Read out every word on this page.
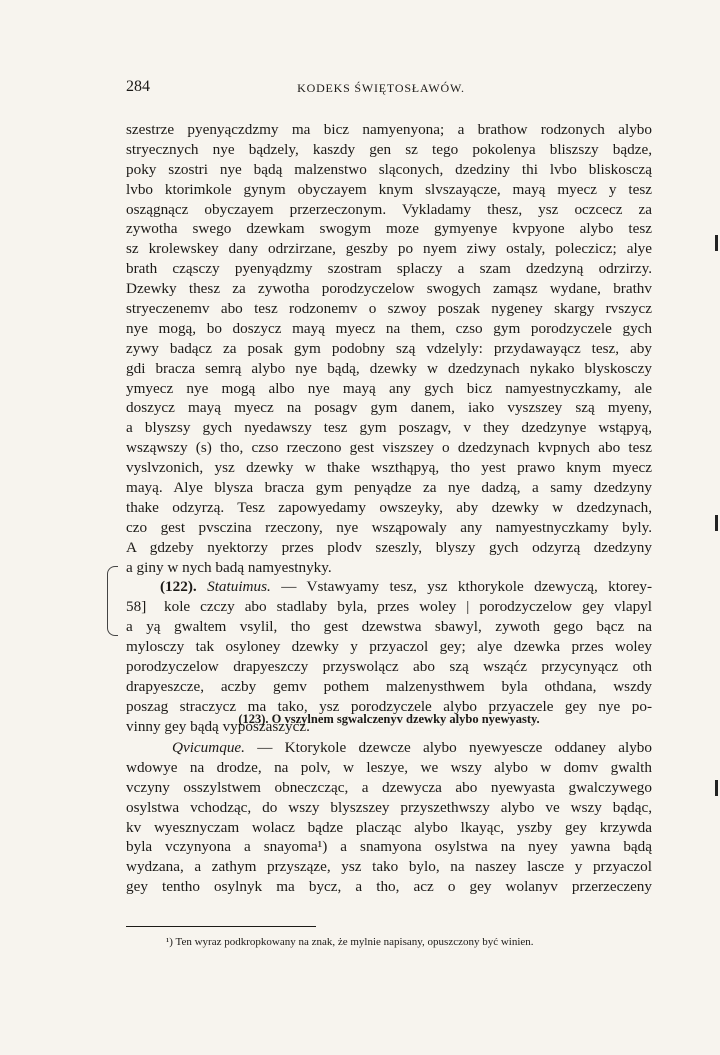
284	KODEKS ŚWIĘTOSŁAWÓW.
szestrze pyenyączdzmy ma bicz namyenyona; a brathow rodzonych alybo
stryecznych nye bądzely, kaszdy gen sz tego pokolenya bliszszy bądze,
poky szostri nye bądą malzenstwo sląconych, dzedziny thi lvbo bliskosczą
lvbo ktorimkole gynym obyczayem knym slvszayącze, mayą myecz y tesz
oszągnącz obyczayem przerzeczonym. Vykladamy thesz, ysz oczcecz za
zywotha swego dzewkam swogym moze gymyenye kvpyone alybo tesz
sz krolewskey dany odrzirzane, geszby po nyem ziwy ostaly, poleczicz; alye
brath cząsczy pyenyądzmy szostram splaczy a szam dzedzyną odrzirzy.
Dzewky thesz za zywotha porodzyczelow swogych zamąsz wydane, brathv
stryeczenemv abo tesz rodzonemv o szwoy poszak nygeney skargy rvszycz
nye mogą, bo doszycz mayą myecz na them, czso gym porodzyczele gych
zywy badącz za posak gym podobny szą vdzelyly: przydawayącz tesz, aby
gdi bracza semrą alybo nye bądą, dzewky w dzedzynach nykako blyskosczy
ymyecz nye mogą albo nye mayą any gych bicz namyestnyczkamy, ale
doszycz mayą myecz na posagv gym danem, iako vyszszey szą myeny,
a blyszsy gych nyedawszy tesz gym poszagv, v they dzedzynye wstąpyą,
wsząwszy (s) tho, czso rzeczono gest viszszey o dzedzynach kvpnych abo tesz
vyslvzonich, ysz dzewky w thake wszthąpyą, tho yest prawo knym myecz
mayą. Alye blysza bracza gym penyądze za nye dadzą, a samy dzedzyny
thake odzyrzą. Tesz zapowyedamy owszeyky, aby dzewky w dzedzynach,
czo gest pvsczina rzeczony, nye wsząpowaly any namyestnyczkamy byly.
A gdzeby nyektorzy przes plodv szeszly, blyszy gych odzyrzą dzedzyny
a giny w nych badą namyestnyky.
(122). Statuimus. — Vstawyamy tesz, ysz kthorykole dzewyczą, ktorey-
58] kole czczy abo stadlaby byla, przes woley | porodzyczelow gey vlapyl
a yą gwaltem vsylil, tho gest dzewstwa sbawyl, zywoth gego bącz na
mylosczy tak osyloney dzewky y przyaczol gey; alye dzewka przes woley
porodzyczelow drapyeszczy przyswolącz abo szą wsząćz przycynyącz oth
drapyeszcze, aczby gemv pothem malzenysthwem byla othdana, wszdy
poszag straczycz ma tako, ysz porodzyczele alybo przyaczele gey nye po-
vinny gey bądą vyposzaszycz.
(123). O vszylnem sgwalczenyv dzewky alybo nyewyasty.
Qvicumque. — Ktorykole dzewcze alybo nyewyescze oddaney alybo
wdowye na drodze, na polv, w leszye, we wszy alybo w domv gwalth
vczyny osszylstwem obneczcząc, a dzewycza abo nyewyasta gwalczywego
osylstwa vchodząc, do wszy blyszszey przyszethwszy alybo ve wszy bądąc,
kv wyesznyczam wolacz bądze placząc alybo lkayąc, yszby gey krzywda
byla vczynyona a snayoma¹) a snamyona osylstwa na nyey yawna bądą
wydzana, a zathym przysząze, ysz tako bylo, na naszey lascze y przyaczol
gey tentho osylnyk ma bycz, a tho, acz o gey wolanyv przerzeczeny
¹) Ten wyraz podkropkowany na znak, że mylnie napisany, opuszczony być winien.
